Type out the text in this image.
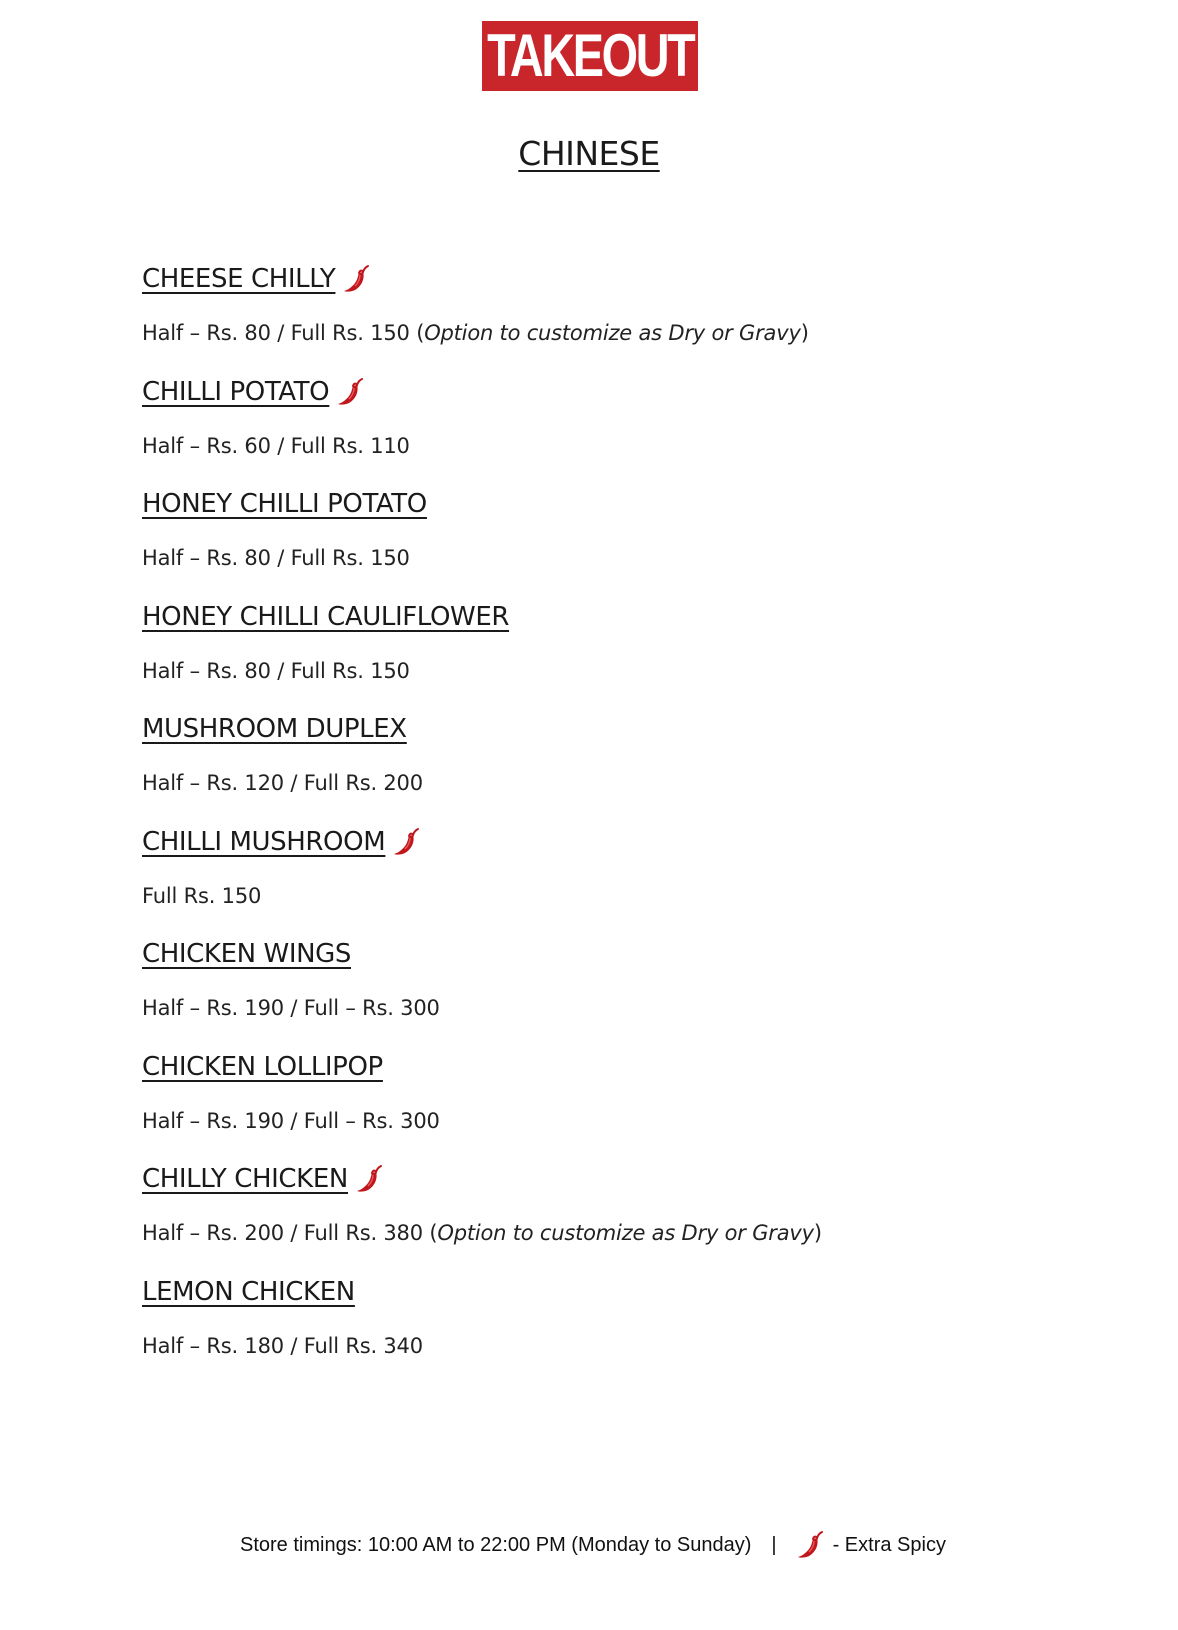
TAKEOUT
CHINESE
CHEESE CHILLY
Half – Rs. 80 / Full Rs. 150 (Option to customize as Dry or Gravy)
CHILLI POTATO
Half – Rs. 60 / Full Rs. 110
HONEY CHILLI POTATO
Half – Rs. 80 / Full Rs. 150
HONEY CHILLI CAULIFLOWER
Half – Rs. 80 / Full Rs. 150
MUSHROOM DUPLEX
Half – Rs. 120 / Full Rs. 200
CHILLI MUSHROOM
Full Rs. 150
CHICKEN WINGS
Half – Rs. 190 / Full – Rs. 300
CHICKEN LOLLIPOP
Half – Rs. 190 / Full – Rs. 300
CHILLY CHICKEN
Half – Rs. 200 / Full Rs. 380 (Option to customize as Dry or Gravy)
LEMON CHICKEN
Half – Rs. 180 / Full Rs. 340
Store timings: 10:00 AM to 22:00 PM (Monday to Sunday) |	- Extra Spicy
